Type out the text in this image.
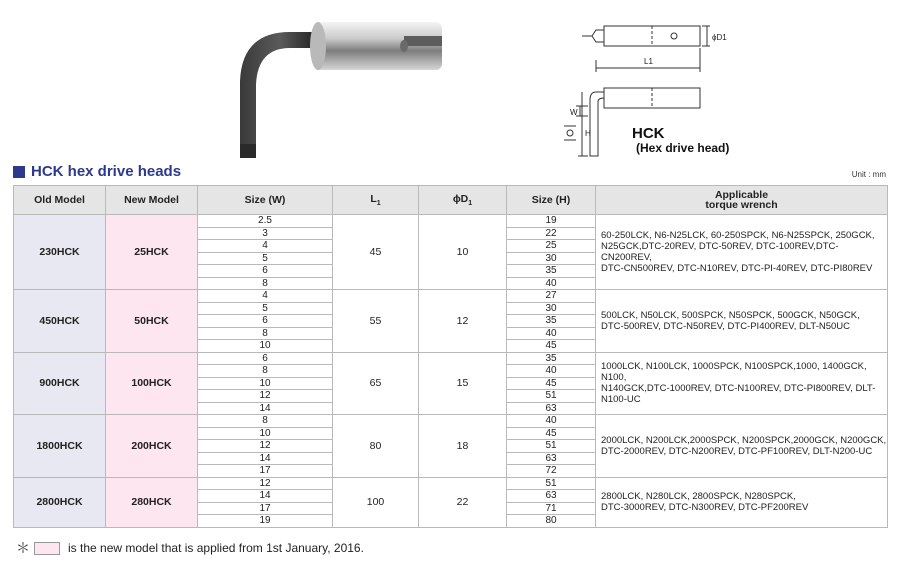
ϕD1
L1
W
H	HCK
(Hex drive head)
HCK hex drive heads	Unit : mm
Old Model	New Model	Size (W)	$L_1$	$\phi D_1$	Size (H)	Applicable
torque wrench
230HCK	25HCK	2.5	45	10	19	60-250LCK, N6-N25LCK, 60-250SPCK, N6-N25SPCK, 250GCK,
N25GCK,DTC-20REV, DTC-50REV, DTC-100REV,DTC-CN200REV,
DTC-CN500REV, DTC-N10REV, DTC-PI-40REV, DTC-PI80REV
		3			22	
		4			25	
		5			30	
		6			35	
		8			40	
450HCK	50HCK	4	55	12	27	500LCK, N50LCK, 500SPCK, N50SPCK, 500GCK, N50GCK,
DTC-500REV, DTC-N50REV, DTC-PI400REV, DLT-N50UC
		5			30	
		6			35	
		8			40	
		10			45	
900HCK	100HCK	6	65	15	35	1000LCK, N100LCK, 1000SPCK, N100SPCK,1000, 1400GCK, N100,
N140GCK,DTC-1000REV, DTC-N100REV, DTC-PI800REV, DLT-N100-UC
		8			40	
		10			45	
		12			51	
		14			63	
1800HCK	200HCK	8	80	18	40	2000LCK, N200LCK,2000SPCK, N200SPCK,2000GCK, N200GCK,
DTC-2000REV, DTC-N200REV, DTC-PF100REV, DLT-N200-UC
		10			45	
		12			51	
		14			63	
		17			72	
2800HCK	280HCK	12	100	22	51	2800LCK, N280LCK, 2800SPCK, N280SPCK,
DTC-3000REV, DTC-N300REV, DTC-PF200REV
		14			63	
		17			71	
		19			80	
＊	is the new model that is applied from 1st January, 2016.
